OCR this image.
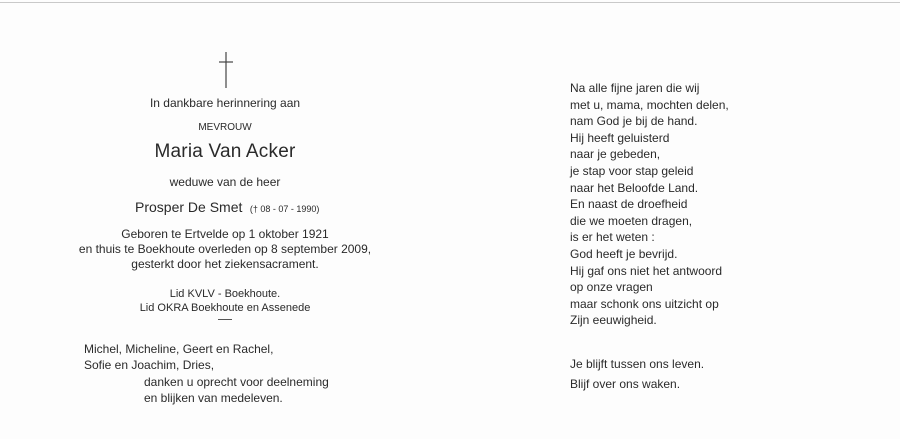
In dankbare herinnering aan
MEVROUW
Maria Van Acker
weduwe van de heer
Prosper De Smet († 08 - 07 - 1990)
Geboren te Ertvelde op 1 oktober 1921
en thuis te Boekhoute overleden op 8 september 2009,
gesterkt door het ziekensacrament.
Lid KVLV - Boekhoute.
Lid OKRA Boekhoute en Assenede
Michel, Micheline, Geert en Rachel,
Sofie en Joachim, Dries,
danken u oprecht voor deelneming
en blijken van medeleven.
Na alle fijne jaren die wij
met u, mama, mochten delen,
nam God je bij de hand.
Hij heeft geluisterd
naar je gebeden,
je stap voor stap geleid
naar het Beloofde Land.
En naast de droefheid
die we moeten dragen,
is er het weten :
God heeft je bevrijd.
Hij gaf ons niet het antwoord
op onze vragen
maar schonk ons uitzicht op
Zijn eeuwigheid.
Je blijft tussen ons leven.
Blijf over ons waken.
